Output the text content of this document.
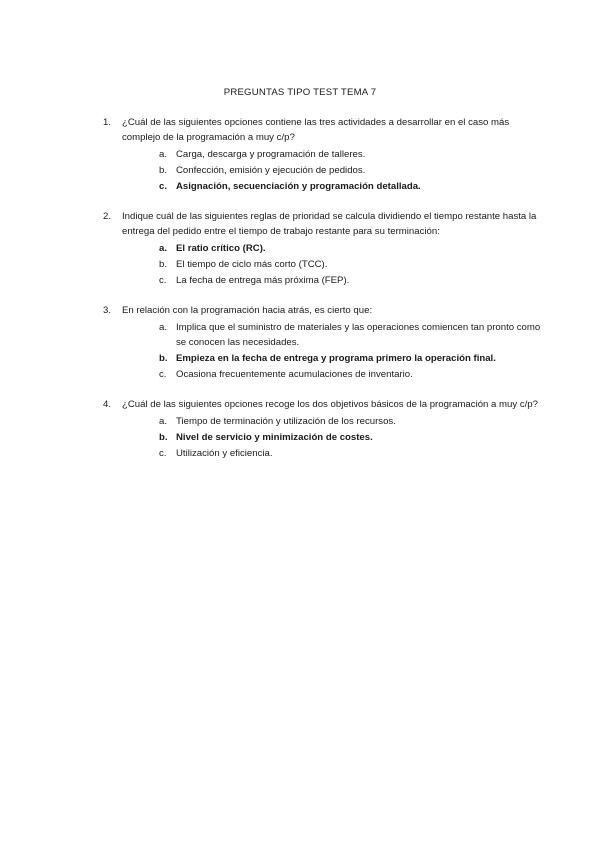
PREGUNTAS TIPO TEST TEMA 7
1. ¿Cuál de las siguientes opciones contiene las tres actividades a desarrollar en el caso más complejo de la programación a muy c/p?
a. Carga, descarga y programación de talleres.
b. Confección, emisión y ejecución de pedidos.
c. Asignación, secuenciación y programación detallada.
2. Indique cuál de las siguientes reglas de prioridad se calcula dividiendo el tiempo restante hasta la entrega del pedido entre el tiempo de trabajo restante para su terminación:
a. El ratio crítico (RC).
b. El tiempo de ciclo más corto (TCC).
c. La fecha de entrega más próxima (FEP).
3. En relación con la programación hacia atrás, es cierto que:
a. Implica que el suministro de materiales y las operaciones comiencen tan pronto como se conocen las necesidades.
b. Empieza en la fecha de entrega y programa primero la operación final.
c. Ocasiona frecuentemente acumulaciones de inventario.
4. ¿Cuál de las siguientes opciones recoge los dos objetivos básicos de la programación a muy c/p?
a. Tiempo de terminación y utilización de los recursos.
b. Nivel de servicio y minimización de costes.
c. Utilización y eficiencia.
